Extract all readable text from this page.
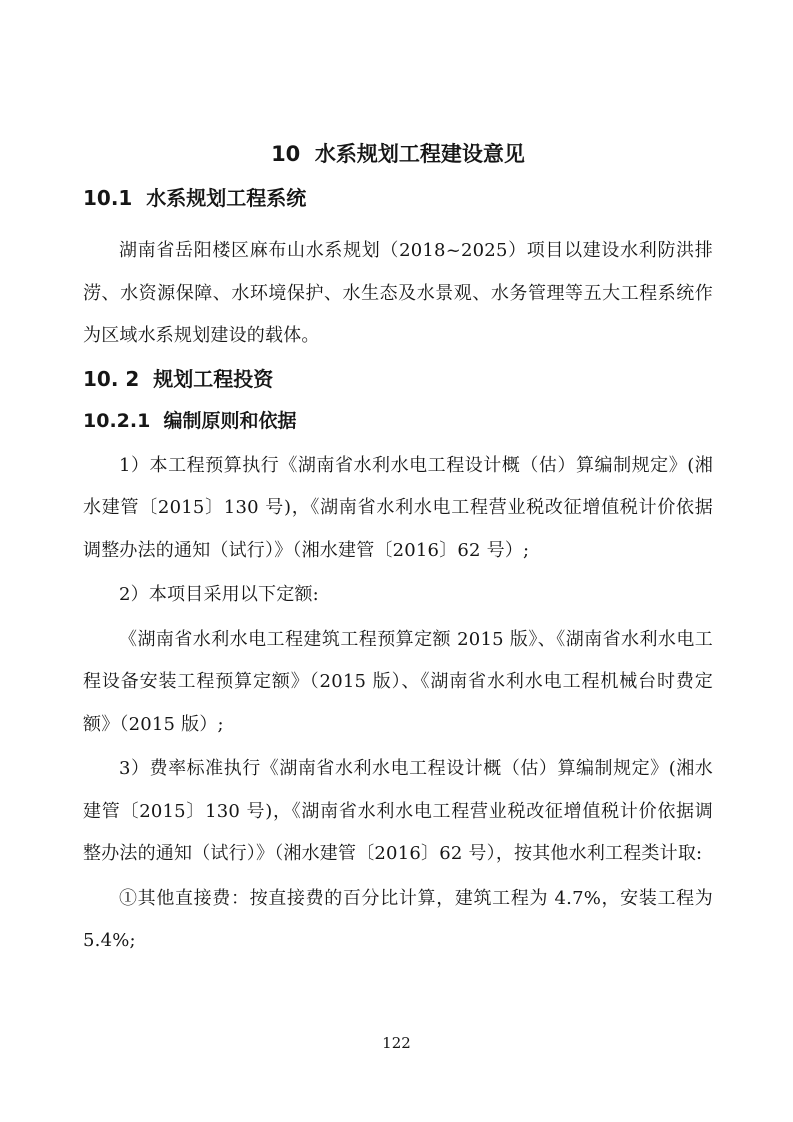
10  水系规划工程建设意见
10.1  水系规划工程系统

湖南省岳阳楼区麻布山水系规划（2018~2025）项目以建设水利防洪排涝、水资源保障、水环境保护、水生态及水景观、水务管理等五大工程系统作为区域水系规划建设的载体。

10. 2  规划工程投资
10.2.1  编制原则和依据

1）本工程预算执行《湖南省水利水电工程设计概（估）算编制规定》(湘水建管〔2015〕130 号)，《湖南省水利水电工程营业税改征增值税计价依据调整办法的通知（试行）》（湘水建管〔2016〕62 号）;

2）本项目采用以下定额:

《湖南省水利水电工程建筑工程预算定额 2015 版》、《湖南省水利水电工程设备安装工程预算定额》（2015 版）、《湖南省水利水电工程机械台时费定额》（2015 版）;

3）费率标准执行《湖南省水利水电工程设计概（估）算编制规定》(湘水建管〔2015〕130 号)，《湖南省水利水电工程营业税改征增值税计价依据调整办法的通知（试行）》（湘水建管〔2016〕62 号），按其他水利工程类计取:

①其他直接费：按直接费的百分比计算，建筑工程为 4.7%，安装工程为 5.4%;

122
